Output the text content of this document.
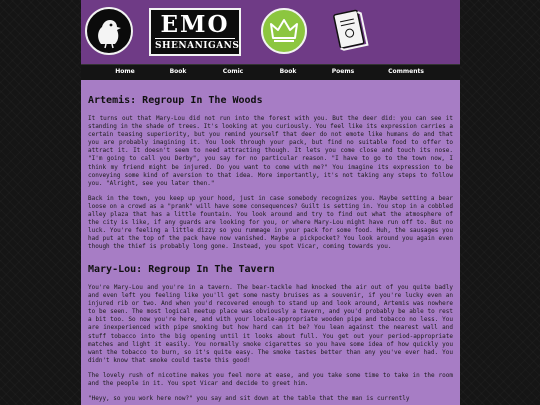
EMO
SHENANIGANS
Home	Book	Comic	Book	Poems	Comments
Artemis: Regroup In The Woods

It turns out that Mary-Lou did not run into the forest with you. But the deer did: you can see it standing in the shade of trees. It's looking at you curiously. You feel like its expression carries a certain teasing superiority, but you remind yourself that deer do not emote like humans do and that you are probably imagining it. You look through your pack, but find no suitable food to offer to attract it. It doesn't seem to need attracting though. It lets you come close and touch its nose. "I'm going to call you Derby", you say for no particular reason. "I have to go to the town now, I think my friend might be injured. Do you want to come with me?" You imagine its expression to be conveying some kind of aversion to that idea. More importantly, it's not taking any steps to follow you. "Alright, see you later then."

Back in the town, you keep up your hood, just in case somebody recognizes you. Maybe setting a bear loose on a crowd as a "prank" will have some consequences? Guilt is setting in. You stop in a cobbled alley plaza that has a little fountain. You look around and try to find out what the atmosphere of the city is like, if any guards are looking for you, or where Mary-Lou might have run off to. But no luck. You're feeling a little dizzy so you rummage in your pack for some food. Huh, the sausages you had put at the top of the pack have now vanished. Maybe a pickpocket? You look around you again even though the thief is probably long gone. Instead, you spot Vicar, coming towards you.

Mary-Lou: Regroup In The Tavern

You're Mary-Lou and you're in a tavern. The bear-tackle had knocked the air out of you quite badly and even left you feeling like you'll get some nasty bruises as a souvenir, if you're lucky even an injured rib or two. And when you'd recovered enough to stand up and look around, Artemis was nowhere to be seen. The most logical meetup place was obviously a tavern, and you'd probably be able to rest a bit too. So now you're here, and with your locale-appropriate wooden pipe and tobacco no less. You are inexperienced with pipe smoking but how hard can it be? You lean against the nearest wall and stuff tobacco into the big opening until it looks about full. You get out your period-appropriate matches and light it easily. You normally smoke cigarettes so you have some idea of how quickly you want the tobacco to burn, so it's quite easy. The smoke tastes better than any you've ever had. You didn't know that smoke could taste this good!

The lovely rush of nicotine makes you feel more at ease, and you take some time to take in the room and the people in it. You spot Vicar and decide to greet him.

"Heyy, so you work here now?" you say and sit down at the table that the man is currently
